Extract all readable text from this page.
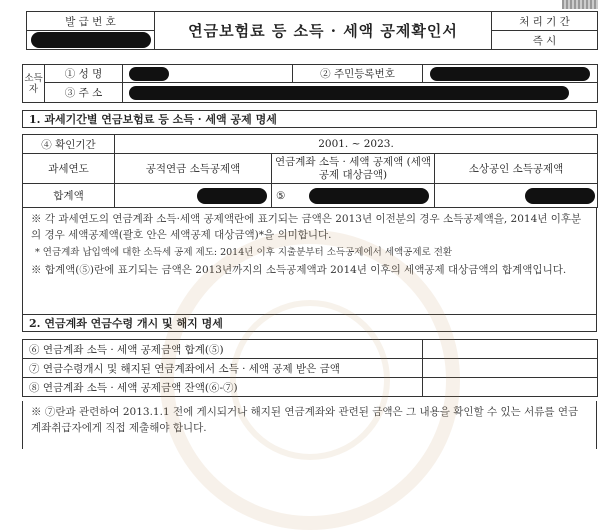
발 급 번 호	연금보험료 등 소득 · 세액 공제확인서	처 리 기 간
		즉 시
소득자	① 성 명		② 주민등록번호	
	③ 주 소			
1. 과세기간별 연금보험료 등 소득 · 세액 공제 명세
④ 확인기간	2001. ~ 2023.		
과세연도	공적연금 소득공제액	연금계좌 소득 · 세액 공제액 (세액공제 대상금액)	소상공인 소득공제액
합계액		⑤	

※ 각 과세연도의 연금계좌 소득·세액 공제액란에 표기되는 금액은 2013년 이전분의 경우 소득공제액을, 2014년 이후분의 경우 세액공제액(괄호 안은 세액공제 대상금액)*을 의미합니다.

* 연금계좌 납입액에 대한 소득세 공제 제도: 2014년 이후 지출분부터 소득공제에서 세액공제로 전환

※ 합계액(⑤)란에 표기되는 금액은 2013년까지의 소득공제액과 2014년 이후의 세액공제 대상금액의 합계액입니다.

2. 연금계좌 연금수령 개시 및 해지 명세
⑥ 연금계좌 소득 · 세액 공제금액 합계(⑤)	
⑦ 연금수령개시 및 해지된 연금계좌에서 소득 · 세액 공제 받은 금액	
⑧ 연금계좌 소득 · 세액 공제금액 잔액(⑥-⑦)	

※ ⑦란과 관련하여 2013.1.1 전에 게시되거나 해지된 연금계좌와 관련된 금액은 그 내용을 확인할 수 있는 서류를 연금계좌취급자에게 직접 제출해야 합니다.
